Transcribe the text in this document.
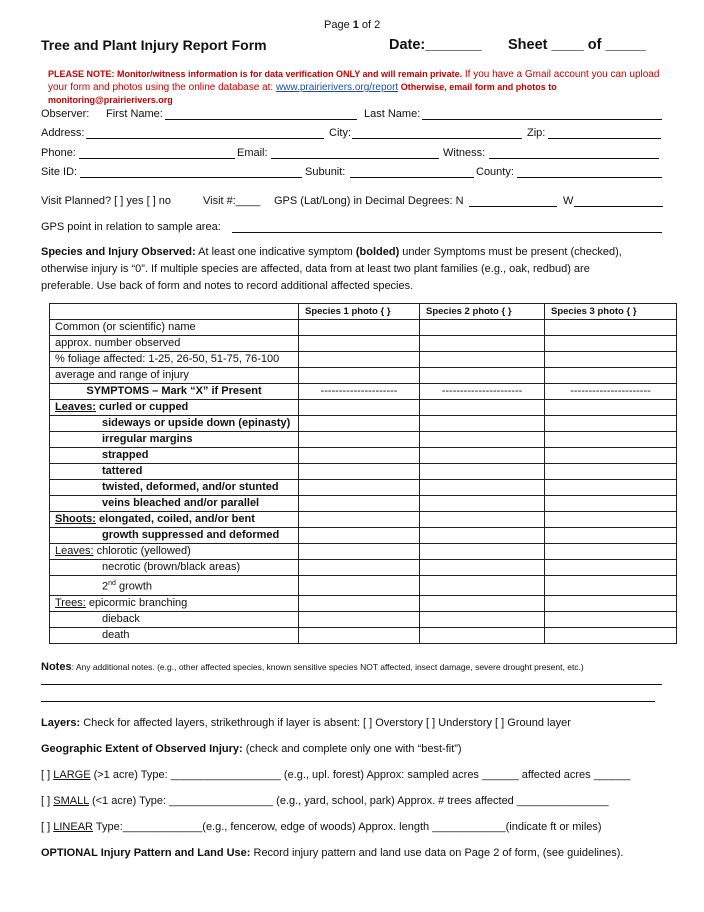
Page 1 of 2
Tree and Plant Injury Report Form	Date:_______ Sheet ____ of _____
PLEASE NOTE: Monitor/witness information is for data verification ONLY and will remain private. If you have a Gmail account you can upload
your form and photos using the online database at: www.prairierivers.org/report Otherwise, email form and photos to
monitoring@prairierivers.org
Observer: First Name:	Last Name:
Address:	City:	Zip:
Phone:	Email:	Witness:
Site ID:	Subunit:	County:
Visit Planned? [ ] yes [ ] no	Visit #:____ GPS (Lat/Long) in Decimal Degrees: N	W
GPS point in relation to sample area:
Species and Injury Observed: At least one indicative symptom (bolded) under Symptoms must be present (checked),
otherwise injury is “0”. If multiple species are affected, data from at least two plant families (e.g., oak, redbud) are
preferable. Use back of form and notes to record additional affected species.
	Species 1 photo { }	Species 2 photo { }	Species 3 photo { }
Common (or scientific) name			
approx. number observed			
% foliage affected: 1-25, 26-50, 51-75, 76-100			
average and range of injury			
SYMPTOMS – Mark “X” if Present	---------------------	----------------------	----------------------
Leaves: curled or cupped			
sideways or upside down (epinasty)			
irregular margins			
strapped			
tattered			
twisted, deformed, and/or stunted			
veins bleached and/or parallel			
Shoots: elongated, coiled, and/or bent			
growth suppressed and deformed			
Leaves: chlorotic (yellowed)			
necrotic (brown/black areas)			
2nd growth			
Trees: epicormic branching			
dieback			
death			
Notes: Any additional notes. (e.g., other affected species, known sensitive species NOT affected, insect damage, severe drought present, etc.)
Layers: Check for affected layers, strikethrough if layer is absent: [ ] Overstory [ ] Understory [ ] Ground layer
Geographic Extent of Observed Injury: (check and complete only one with “best-fit”)
[ ] LARGE (>1 acre) Type: __________________ (e.g., upl. forest) Approx: sampled acres ______ affected acres ______
[ ] SMALL (<1 acre) Type: _________________ (e.g., yard, school, park) Approx. # trees affected _______________
[ ] LINEAR Type:_____________(e.g., fencerow, edge of woods) Approx. length ____________(indicate ft or miles)
OPTIONAL Injury Pattern and Land Use: Record injury pattern and land use data on Page 2 of form, (see guidelines).
